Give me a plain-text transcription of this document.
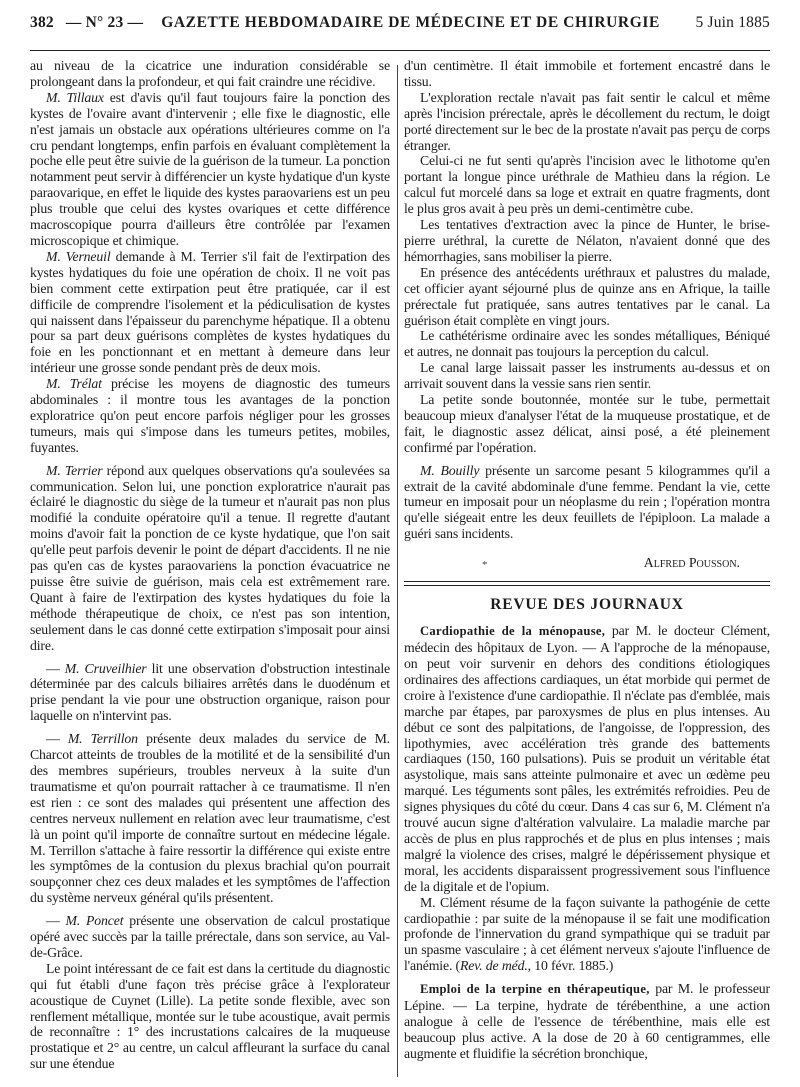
382 — N° 23 — GAZETTE HEBDOMADAIRE DE MÉDECINE ET DE CHIRURGIE	5 Juin 1885

au niveau de la cicatrice une induration considérable se prolongeant dans la profondeur, et qui fait craindre une récidive.

M. Tillaux est d'avis qu'il faut toujours faire la ponction des kystes de l'ovaire avant d'intervenir ; elle fixe le diagnostic, elle n'est jamais un obstacle aux opérations ultérieures comme on l'a cru pendant longtemps, enfin parfois en évaluant complètement la poche elle peut être suivie de la guérison de la tumeur. La ponction notamment peut servir à différencier un kyste hydatique d'un kyste paraovarique, en effet le liquide des kystes paraovariens est un peu plus trouble que celui des kystes ovariques et cette différence macroscopique pourra d'ailleurs être contrôlée par l'examen microscopique et chimique.

M. Verneuil demande à M. Terrier s'il fait de l'extirpation des kystes hydatiques du foie une opération de choix. Il ne voit pas bien comment cette extirpation peut être pratiquée, car il est difficile de comprendre l'isolement et la pédiculisation de kystes qui naissent dans l'épaisseur du parenchyme hépatique. Il a obtenu pour sa part deux guérisons complètes de kystes hydatiques du foie en les ponctionnant et en mettant à demeure dans leur intérieur une grosse sonde pendant près de deux mois.

M. Trélat précise les moyens de diagnostic des tumeurs abdominales : il montre tous les avantages de la ponction exploratrice qu'on peut encore parfois négliger pour les grosses tumeurs, mais qui s'impose dans les tumeurs petites, mobiles, fuyantes.

M. Terrier répond aux quelques observations qu'a soulevées sa communication. Selon lui, une ponction exploratrice n'aurait pas éclairé le diagnostic du siège de la tumeur et n'aurait pas non plus modifié la conduite opératoire qu'il a tenue. Il regrette d'autant moins d'avoir fait la ponction de ce kyste hydatique, que l'on sait qu'elle peut parfois devenir le point de départ d'accidents. Il ne nie pas qu'en cas de kystes paraovariens la ponction évacuatrice ne puisse être suivie de guérison, mais cela est extrêmement rare. Quant à faire de l'extirpation des kystes hydatiques du foie la méthode thérapeutique de choix, ce n'est pas son intention, seulement dans le cas donné cette extirpation s'imposait pour ainsi dire.

— M. Cruveilhier lit une observation d'obstruction intestinale déterminée par des calculs biliaires arrêtés dans le duodénum et prise pendant la vie pour une obstruction organique, raison pour laquelle on n'intervint pas.

— M. Terrillon présente deux malades du service de M. Charcot atteints de troubles de la motilité et de la sensibilité d'un des membres supérieurs, troubles nerveux à la suite d'un traumatisme et qu'on pourrait rattacher à ce traumatisme. Il n'en est rien : ce sont des malades qui présentent une affection des centres nerveux nullement en relation avec leur traumatisme, c'est là un point qu'il importe de connaître surtout en médecine légale. M. Terrillon s'attache à faire ressortir la différence qui existe entre les symptômes de la contusion du plexus brachial qu'on pourrait soupçonner chez ces deux malades et les symptômes de l'affection du système nerveux général qu'ils présentent.

— M. Poncet présente une observation de calcul prostatique opéré avec succès par la taille prérectale, dans son service, au Val-de-Grâce.

Le point intéressant de ce fait est dans la certitude du diagnostic qui fut établi d'une façon très précise grâce à l'explorateur acoustique de Cuynet (Lille). La petite sonde flexible, avec son renflement métallique, montée sur le tube acoustique, avait permis de reconnaître : 1° des incrustations calcaires de la muqueuse prostatique et 2° au centre, un calcul affleurant la surface du canal sur une étendue

d'un centimètre. Il était immobile et fortement encastré dans le tissu.

L'exploration rectale n'avait pas fait sentir le calcul et même après l'incision prérectale, après le décollement du rectum, le doigt porté directement sur le bec de la prostate n'avait pas perçu de corps étranger.

Celui-ci ne fut senti qu'après l'incision avec le lithotome qu'en portant la longue pince uréthrale de Mathieu dans la région. Le calcul fut morcelé dans sa loge et extrait en quatre fragments, dont le plus gros avait à peu près un demi-centimètre cube.

Les tentatives d'extraction avec la pince de Hunter, le brise-pierre uréthral, la curette de Nélaton, n'avaient donné que des hémorrhagies, sans mobiliser la pierre.

En présence des antécédents uréthraux et palustres du malade, cet officier ayant séjourné plus de quinze ans en Afrique, la taille prérectale fut pratiquée, sans autres tentatives par le canal. La guérison était complète en vingt jours.

Le cathétérisme ordinaire avec les sondes métalliques, Béniqué et autres, ne donnait pas toujours la perception du calcul.

Le canal large laissait passer les instruments au-dessus et on arrivait souvent dans la vessie sans rien sentir.

La petite sonde boutonnée, montée sur le tube, permettait beaucoup mieux d'analyser l'état de la muqueuse prostatique, et de fait, le diagnostic assez délicat, ainsi posé, a été pleinement confirmé par l'opération.

M. Bouilly présente un sarcome pesant 5 kilogrammes qu'il a extrait de la cavité abdominale d'une femme. Pendant la vie, cette tumeur en imposait pour un néoplasme du rein ; l'opération montra qu'elle siégeait entre les deux feuillets de l'épiploon. La malade a guéri sans incidents.

*	Alfred Pousson.
REVUE DES JOURNAUX

Cardiopathie de la ménopause, par M. le docteur Clément, médecin des hôpitaux de Lyon. — A l'approche de la ménopause, on peut voir survenir en dehors des conditions étiologiques ordinaires des affections cardiaques, un état morbide qui permet de croire à l'existence d'une cardiopathie. Il n'éclate pas d'emblée, mais marche par étapes, par paroxysmes de plus en plus intenses. Au début ce sont des palpitations, de l'angoisse, de l'oppression, des lipothymies, avec accélération très grande des battements cardiaques (150, 160 pulsations). Puis se produit un véritable état asystolique, mais sans atteinte pulmonaire et avec un œdème peu marqué. Les téguments sont pâles, les extrémités refroidies. Peu de signes physiques du côté du cœur. Dans 4 cas sur 6, M. Clément n'a trouvé aucun signe d'altération valvulaire. La maladie marche par accès de plus en plus rapprochés et de plus en plus intenses ; mais malgré la violence des crises, malgré le dépérissement physique et moral, les accidents disparaissent progressivement sous l'influence de la digitale et de l'opium.

M. Clément résume de la façon suivante la pathogénie de cette cardiopathie : par suite de la ménopause il se fait une modification profonde de l'innervation du grand sympathique qui se traduit par un spasme vasculaire ; à cet élément nerveux s'ajoute l'influence de l'anémie. (Rev. de méd., 10 févr. 1885.)

Emploi de la terpine en thérapeutique, par M. le professeur Lépine. — La terpine, hydrate de térébenthine, a une action analogue à celle de l'essence de térébenthine, mais elle est beaucoup plus active. A la dose de 20 à 60 centigrammes, elle augmente et fluidifie la sécrétion bronchique,
